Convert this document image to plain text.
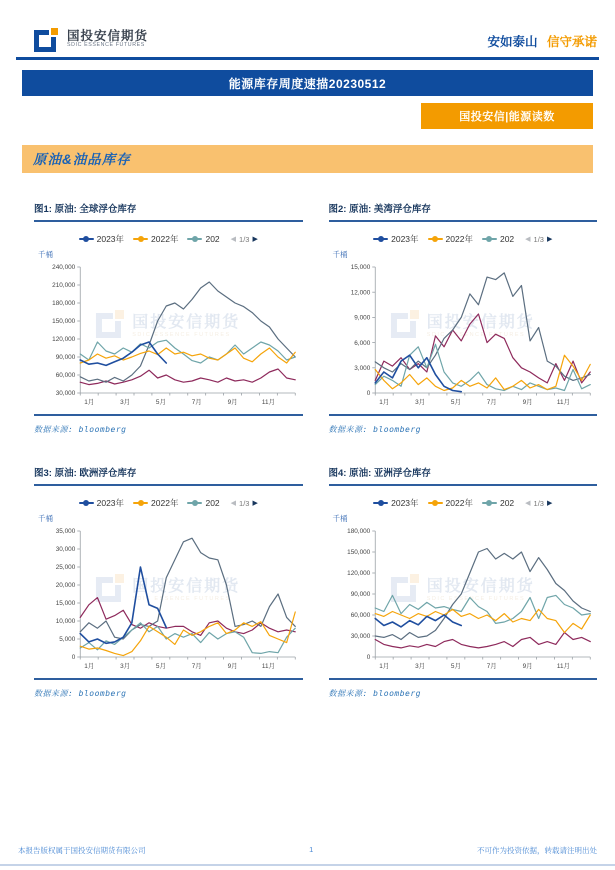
国投安信期货
SDIC ESSENCE FUTURES	安如泰山 信守承诺
能源库存周度速描20230512
国投安信|能源读数
原油&油品库存
图1: 原油: 全球浮仓库存
2023年	2022年	202 ◀ 1/3 ▶
千桶
国投安信期货
SDIC ESSENCE FUTURES
30,000
60,000
90,000
120,000
150,000
180,000
210,000
240,000
1月	3月	5月	7月	9月	11月
数据来源: bloomberg
图2: 原油: 美湾浮仓库存
2023年	2022年	202 ◀ 1/3 ▶
千桶
国投安信期货
SDIC ESSENCE FUTURES
0
3,000
6,000
9,000
12,000
15,000
1月	3月	5月	7月	9月	11月
数据来源: bloomberg
图3: 原油: 欧洲浮仓库存
2023年	2022年	202 ◀ 1/3 ▶
千桶
国投安信期货
SDIC ESSENCE FUTURES
0
5,000
10,000
15,000
20,000
25,000
30,000
35,000
1月	3月	5月	7月	9月	11月
数据来源: bloomberg
图4: 原油: 亚洲浮仓库存
2023年	2022年	202 ◀ 1/3 ▶
千桶
国投安信期货
SDIC ESSENCE FUTURES
0
30,000
60,000
90,000
120,000
150,000
180,000
1月	3月	5月	7月	9月	11月
数据来源: bloomberg
本报告版权属于国投安信期货有限公司	1	不可作为投资依据，转载请注明出处
